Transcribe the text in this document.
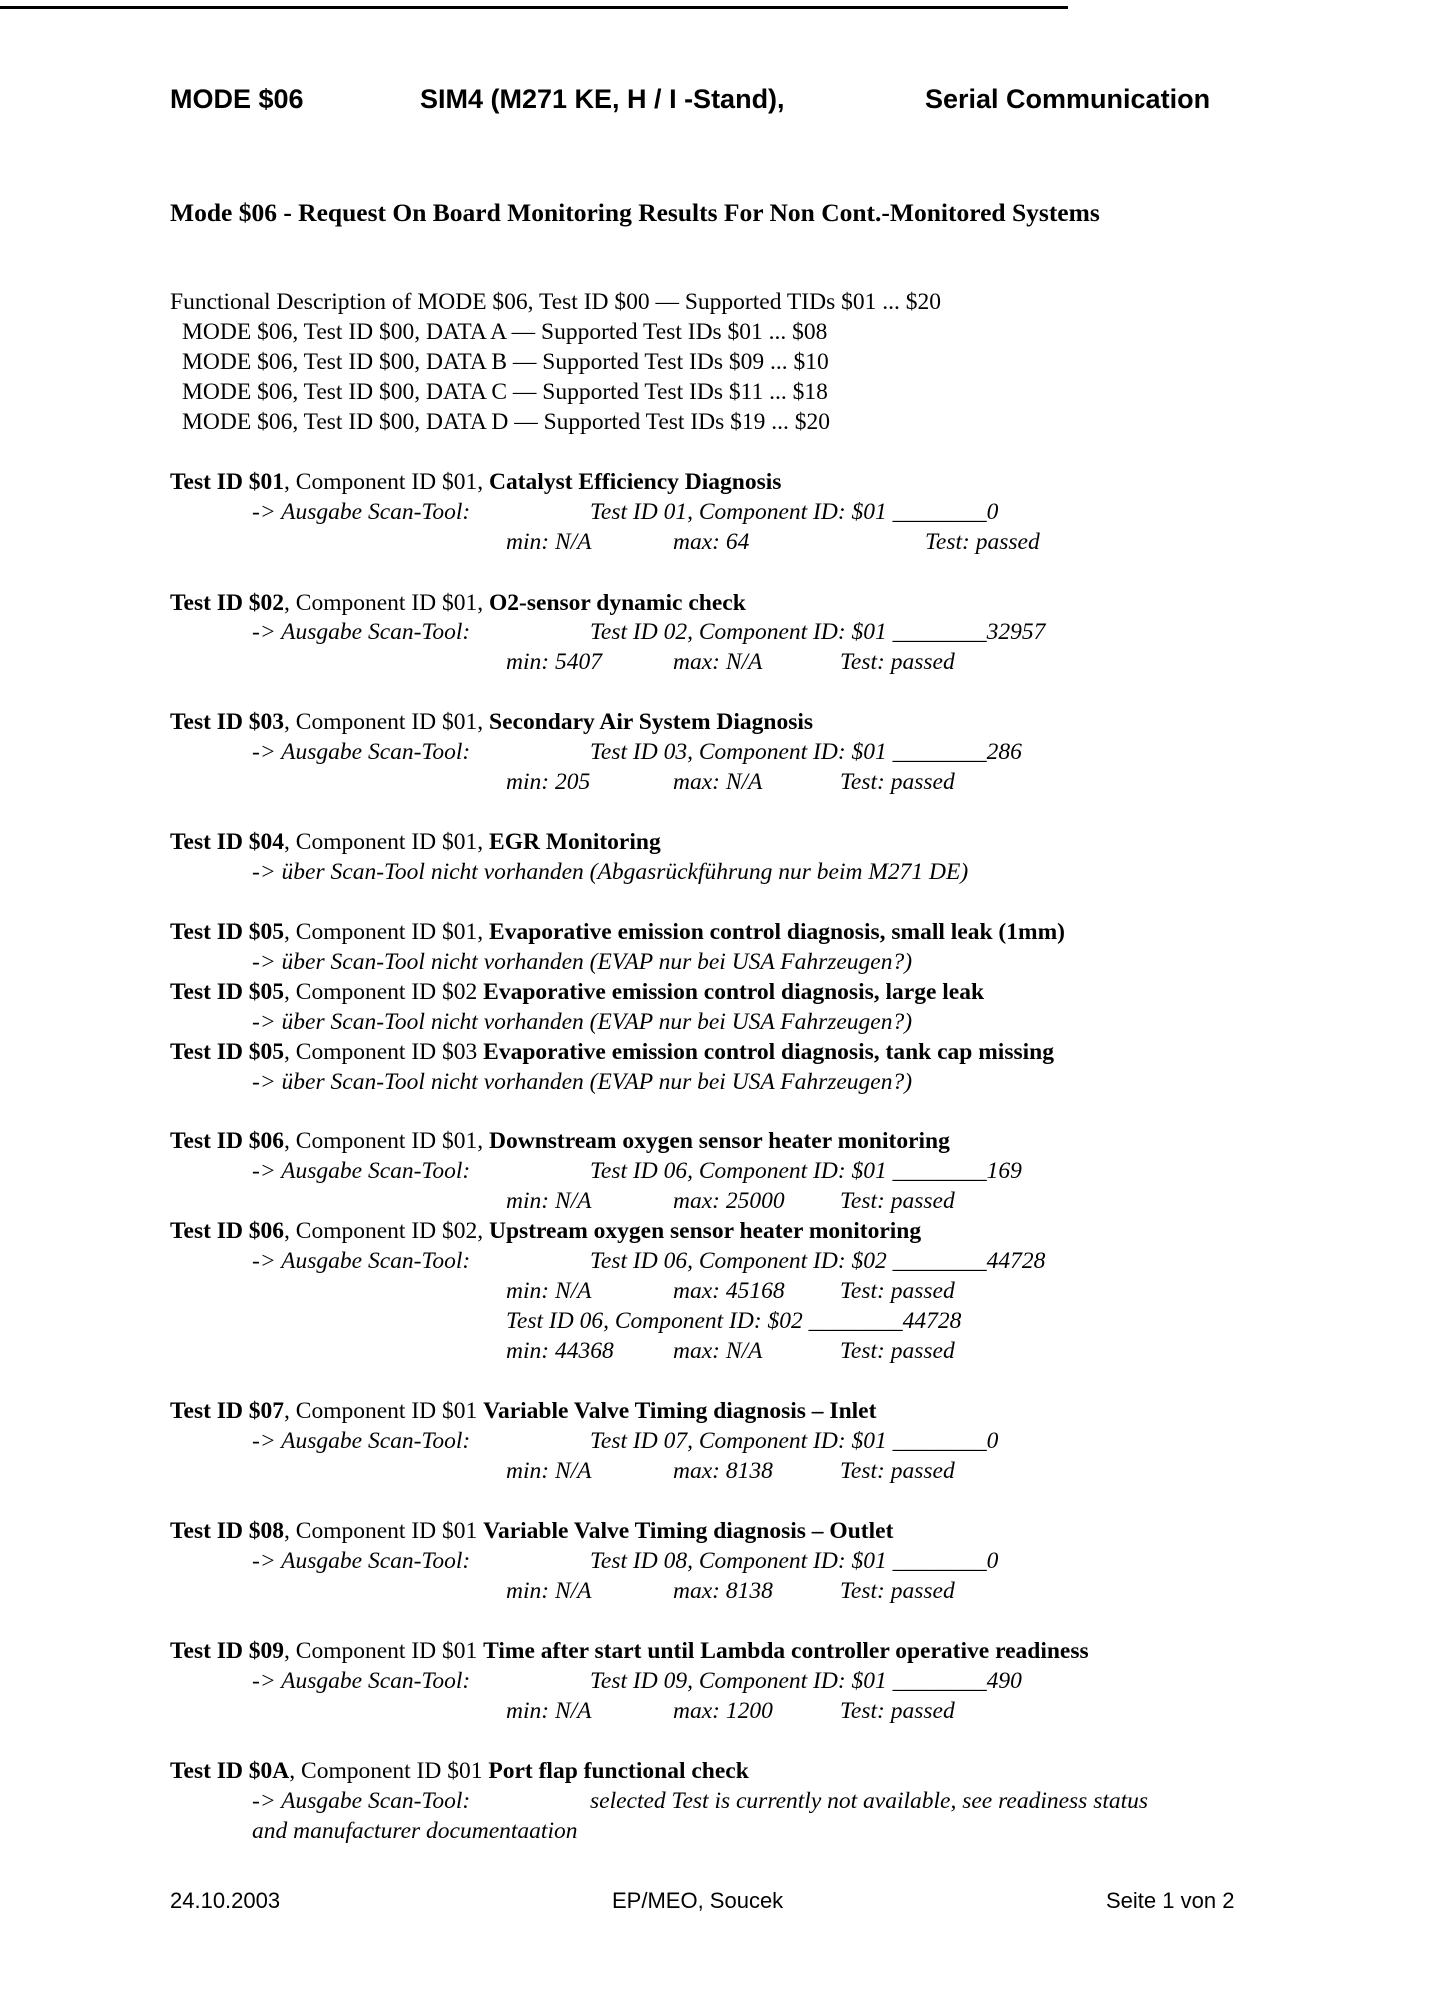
MODE $06	SIM4 (M271 KE, H / I -Stand),	Serial Communication
Mode $06 - Request On Board Monitoring Results For Non Cont.-Monitored Systems
Functional Description of MODE $06, Test ID $00 — Supported TIDs $01 ... $20
MODE $06, Test ID $00, DATA A — Supported Test IDs $01 ... $08
MODE $06, Test ID $00, DATA B — Supported Test IDs $09 ... $10
MODE $06, Test ID $00, DATA C — Supported Test IDs $11 ... $18
MODE $06, Test ID $00, DATA D — Supported Test IDs $19 ... $20
Test ID $01, Component ID $01, Catalyst Efficiency Diagnosis
-> Ausgabe Scan-Tool:	Test ID 01, Component ID: $01 ________0
min: N/A	max: 64	Test: passed
Test ID $02, Component ID $01, O2-sensor dynamic check
-> Ausgabe Scan-Tool:	Test ID 02, Component ID: $01 ________32957
min: 5407	max: N/A	Test: passed
Test ID $03, Component ID $01, Secondary Air System Diagnosis
-> Ausgabe Scan-Tool:	Test ID 03, Component ID: $01 ________286
min: 205	max: N/A	Test: passed
Test ID $04, Component ID $01, EGR Monitoring
-> über Scan-Tool nicht vorhanden (Abgasrückführung nur beim M271 DE)
Test ID $05, Component ID $01, Evaporative emission control diagnosis, small leak (1mm)
-> über Scan-Tool nicht vorhanden (EVAP nur bei USA Fahrzeugen?)
Test ID $05, Component ID $02 Evaporative emission control diagnosis, large leak
-> über Scan-Tool nicht vorhanden (EVAP nur bei USA Fahrzeugen?)
Test ID $05, Component ID $03 Evaporative emission control diagnosis, tank cap missing
-> über Scan-Tool nicht vorhanden (EVAP nur bei USA Fahrzeugen?)
Test ID $06, Component ID $01, Downstream oxygen sensor heater monitoring
-> Ausgabe Scan-Tool:	Test ID 06, Component ID: $01 ________169
min: N/A	max: 25000 Test: passed
Test ID $06, Component ID $02, Upstream oxygen sensor heater monitoring
-> Ausgabe Scan-Tool:	Test ID 06, Component ID: $02 ________44728
min: N/A	max: 45168 Test: passed
Test ID 06, Component ID: $02 ________44728
min: 44368	max: N/A	Test: passed
Test ID $07, Component ID $01 Variable Valve Timing diagnosis – Inlet
-> Ausgabe Scan-Tool:	Test ID 07, Component ID: $01 ________0
min: N/A	max: 8138	Test: passed
Test ID $08, Component ID $01 Variable Valve Timing diagnosis – Outlet
-> Ausgabe Scan-Tool:	Test ID 08, Component ID: $01 ________0
min: N/A	max: 8138	Test: passed
Test ID $09, Component ID $01 Time after start until Lambda controller operative readiness
-> Ausgabe Scan-Tool:	Test ID 09, Component ID: $01 ________490
min: N/A	max: 1200	Test: passed
Test ID $0A, Component ID $01 Port flap functional check
-> Ausgabe Scan-Tool:	selected Test is currently not available, see readiness status
and manufacturer documentaation
24.10.2003	EP/MEO, Soucek	Seite 1 von 2
